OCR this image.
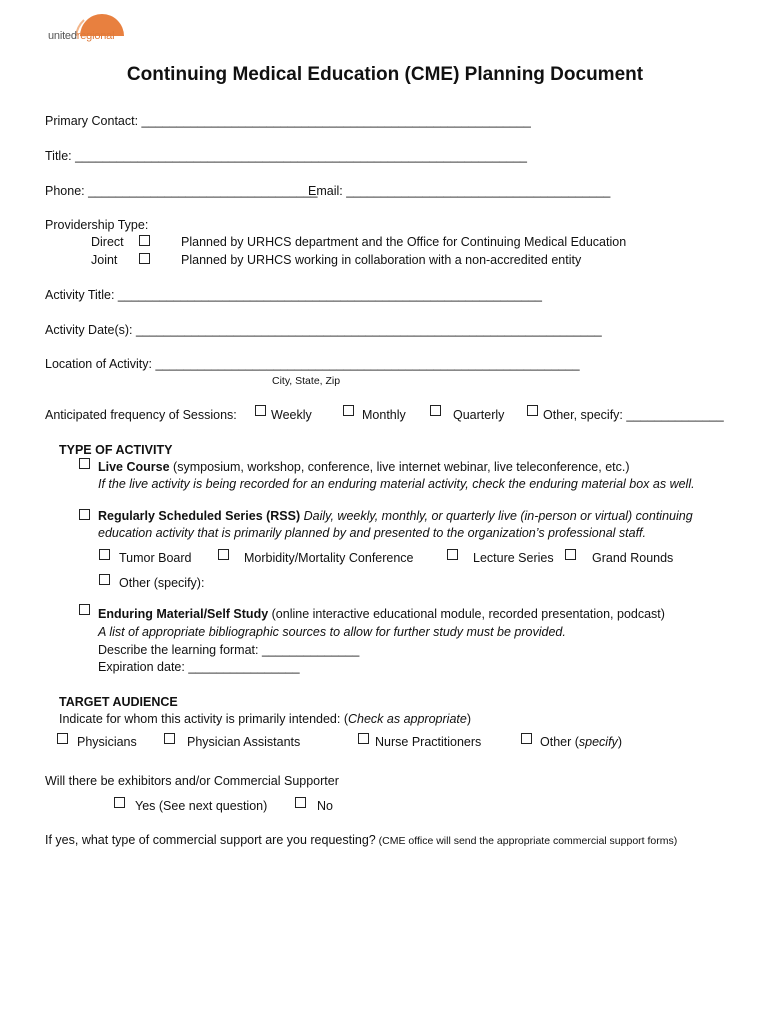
unitedregional
Continuing Medical Education (CME) Planning Document
Primary Contact: ________________________________________________________
Title: _________________________________________________________________
Phone: _________________________________
Email: ______________________________________
Providership Type:
Direct	Planned by URHCS department and the Office for Continuing Medical Education
Joint	Planned by URHCS working in collaboration with a non-accredited entity
Activity Title: _____________________________________________________________
Activity Date(s): ___________________________________________________________________
Location of Activity: _____________________________________________________________
City, State, Zip
Anticipated frequency of Sessions:	Weekly	Monthly	Quarterly	Other, specify: ______________
TYPE OF ACTIVITY
Live Course (symposium, workshop, conference, live internet webinar, live teleconference, etc.)
If the live activity is being recorded for an enduring material activity, check the enduring material box as well.
Regularly Scheduled Series (RSS) Daily, weekly, monthly, or quarterly live (in-person or virtual) continuing
education activity that is primarily planned by and presented to the organization’s professional staff.
Tumor Board	Morbidity/Mortality Conference	Lecture Series	Grand Rounds
Other (specify):
Enduring Material/Self Study (online interactive educational module, recorded presentation, podcast)
A list of appropriate bibliographic sources to allow for further study must be provided.
Describe the learning format: ______________
Expiration date: ________________
TARGET AUDIENCE
Indicate for whom this activity is primarily intended: (Check as appropriate)
Physicians	Physician Assistants	Nurse Practitioners	Other (specify)
Will there be exhibitors and/or Commercial Supporter
Yes (See next question)	No
If yes, what type of commercial support are you requesting? (CME office will send the appropriate commercial support forms)
